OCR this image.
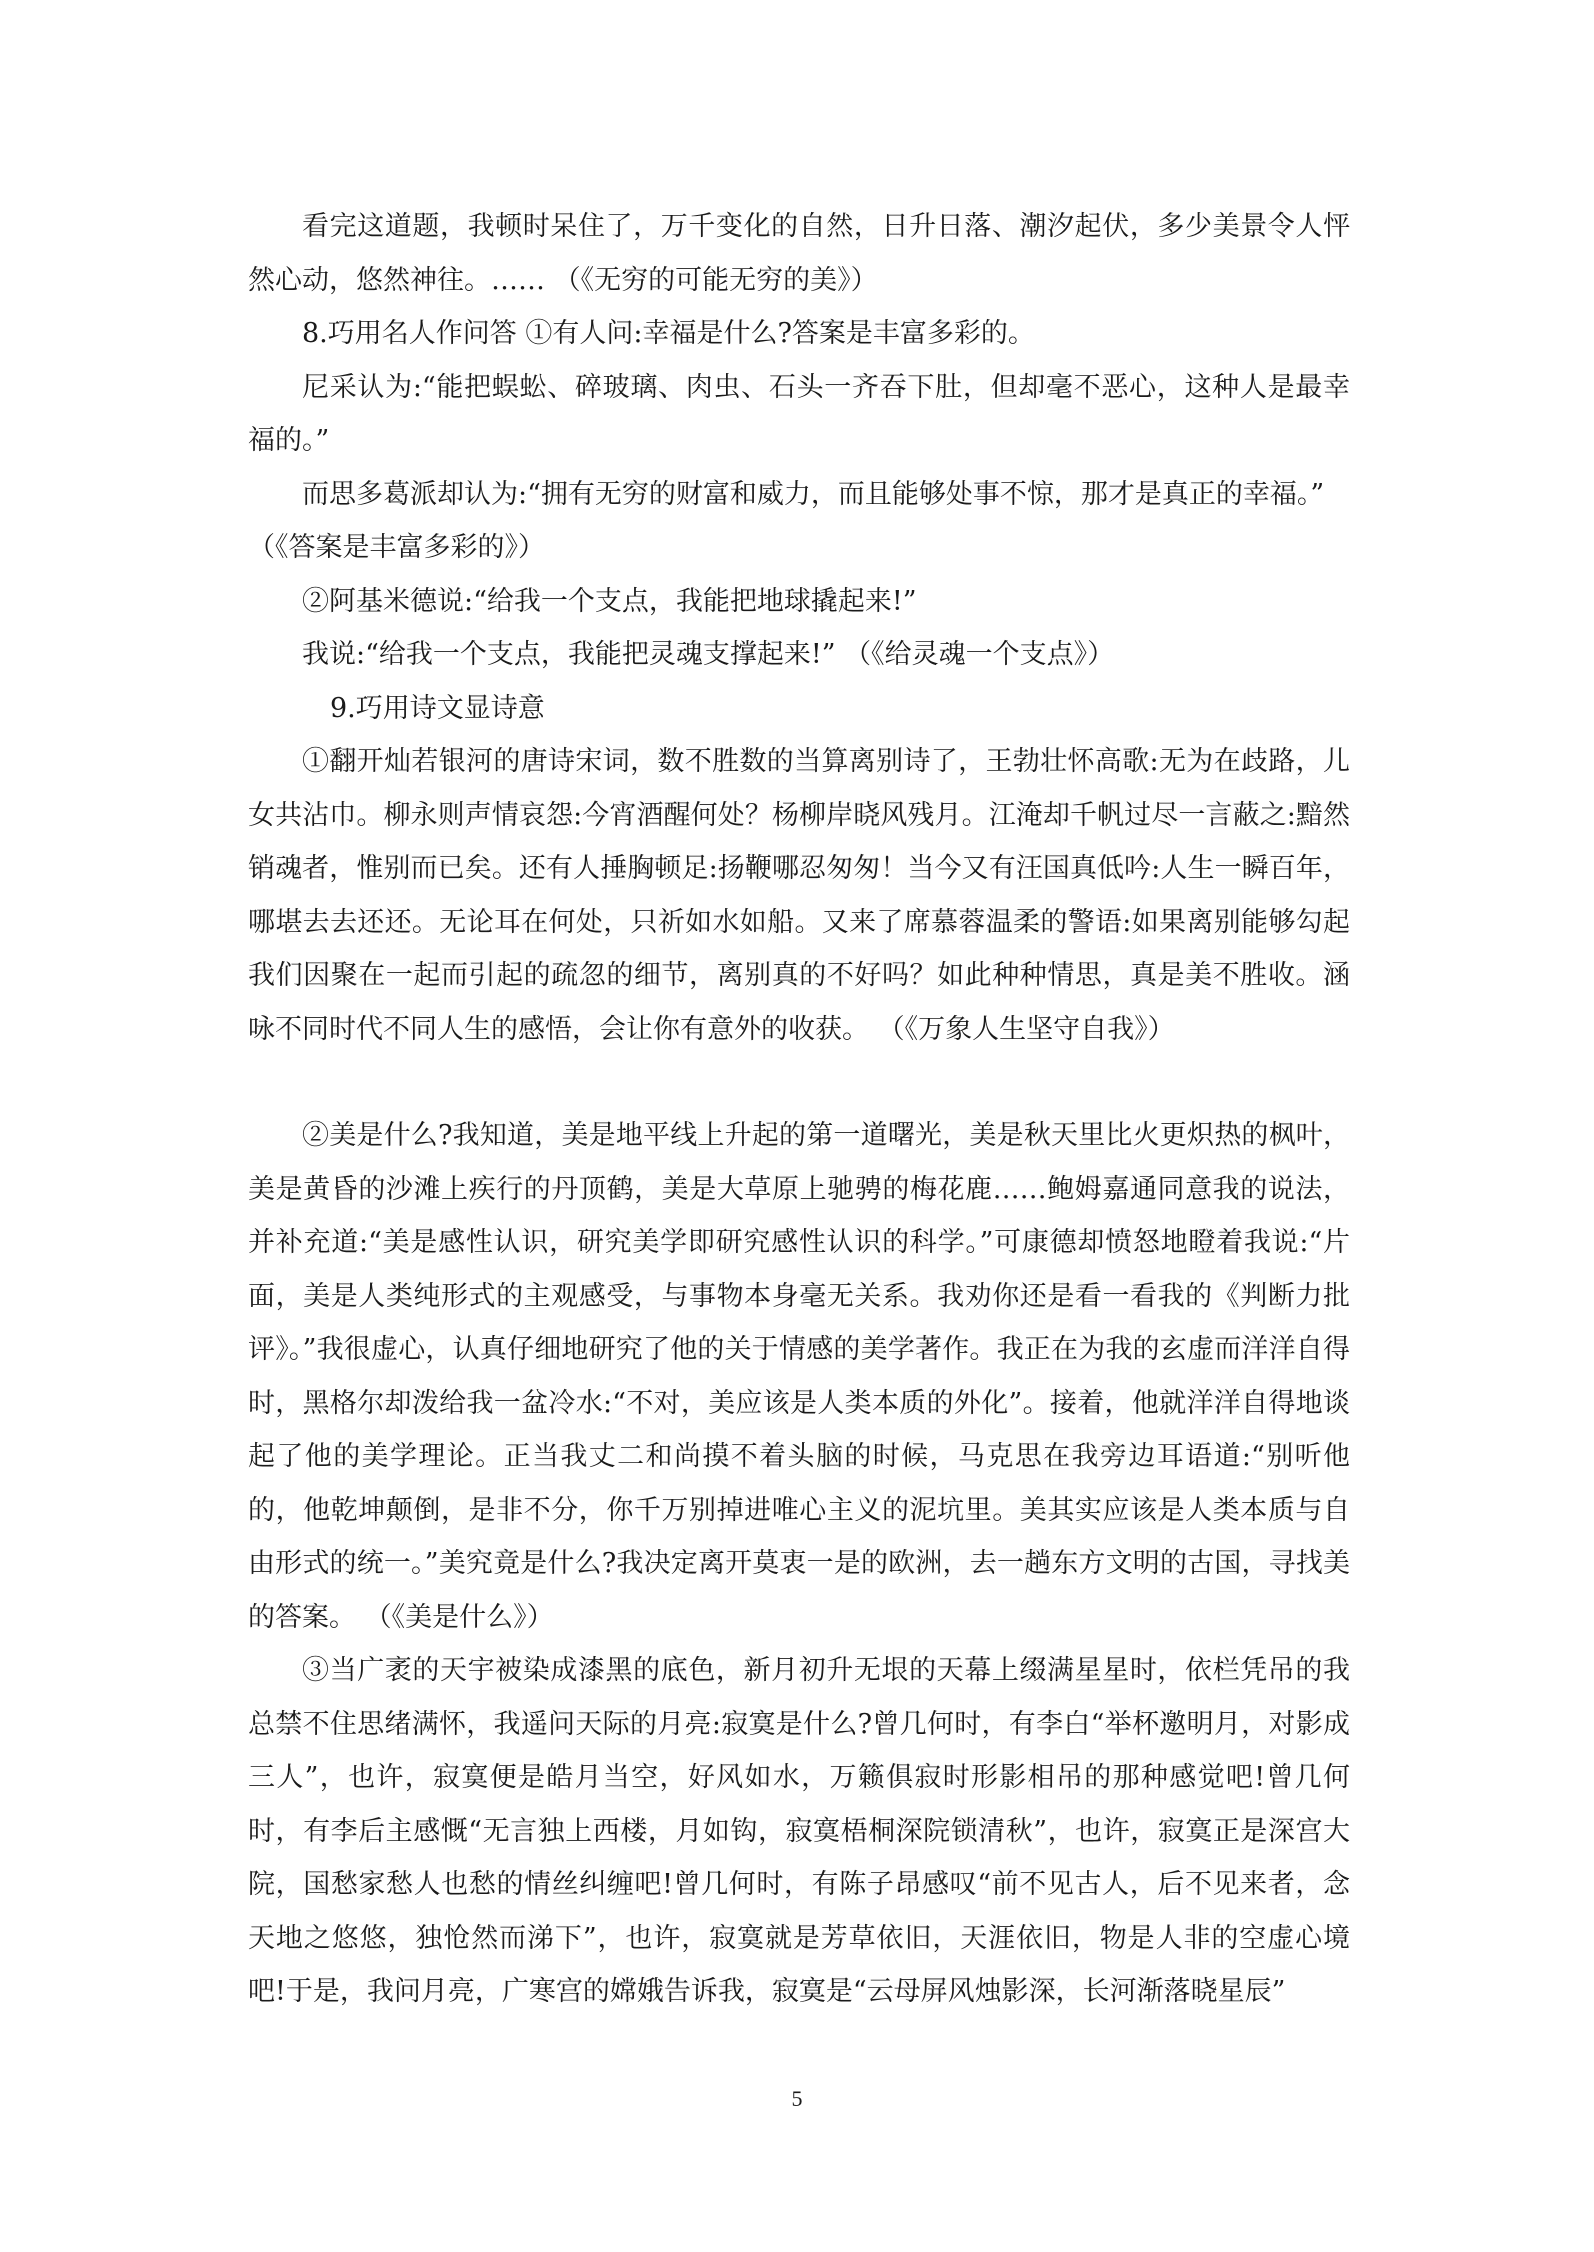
看完这道题，我顿时呆住了，万千变化的自然，日升日落、潮汐起伏，多少美景令人怦然心动，悠然神往。…… （《无穷的可能无穷的美》）

8.巧用名人作问答 ①有人问:幸福是什么?答案是丰富多彩的。

尼采认为:“能把蜈蚣、碎玻璃、肉虫、石头一齐吞下肚，但却毫不恶心，这种人是最幸福的。”

而思多葛派却认为:“拥有无穷的财富和威力，而且能够处事不惊，那才是真正的幸福。”

（《答案是丰富多彩的》）

②阿基米德说:“给我一个支点，我能把地球撬起来!”

我说:“给我一个支点，我能把灵魂支撑起来!” （《给灵魂一个支点》）

9.巧用诗文显诗意

①翻开灿若银河的唐诗宋词，数不胜数的当算离别诗了，王勃壮怀高歌:无为在歧路，儿女共沾巾。柳永则声情哀怨:今宵酒醒何处？杨柳岸晓风残月。江淹却千帆过尽一言蔽之:黯然销魂者，惟别而已矣。还有人捶胸顿足:扬鞭哪忍匆匆！当今又有汪国真低吟:人生一瞬百年，哪堪去去还还。无论耳在何处，只祈如水如船。又来了席慕蓉温柔的警语:如果离别能够勾起我们因聚在一起而引起的疏忽的细节，离别真的不好吗？如此种种情思，真是美不胜收。涵咏不同时代不同人生的感悟，会让你有意外的收获。 （《万象人生坚守自我》）

②美是什么?我知道，美是地平线上升起的第一道曙光，美是秋天里比火更炽热的枫叶，美是黄昏的沙滩上疾行的丹顶鹤，美是大草原上驰骋的梅花鹿……鲍姆嘉通同意我的说法，并补充道:“美是感性认识，研究美学即研究感性认识的科学。”可康德却愤怒地瞪着我说:“片面，美是人类纯形式的主观感受，与事物本身毫无关系。我劝你还是看一看我的《判断力批评》。”我很虚心，认真仔细地研究了他的关于情感的美学著作。我正在为我的玄虚而洋洋自得时，黑格尔却泼给我一盆冷水:“不对，美应该是人类本质的外化”。接着，他就洋洋自得地谈起了他的美学理论。正当我丈二和尚摸不着头脑的时候，马克思在我旁边耳语道:“别听他的，他乾坤颠倒，是非不分，你千万别掉进唯心主义的泥坑里。美其实应该是人类本质与自由形式的统一。”美究竟是什么?我决定离开莫衷一是的欧洲，去一趟东方文明的古国，寻找美的答案。 （《美是什么》）

③当广袤的天宇被染成漆黑的底色，新月初升无垠的天幕上缀满星星时，依栏凭吊的我总禁不住思绪满怀，我遥问天际的月亮:寂寞是什么?曾几何时，有李白“举杯邀明月，对影成三人”，也许，寂寞便是皓月当空，好风如水，万籁俱寂时形影相吊的那种感觉吧!曾几何时，有李后主感慨“无言独上西楼，月如钩，寂寞梧桐深院锁清秋”，也许，寂寞正是深宫大院，国愁家愁人也愁的情丝纠缠吧!曾几何时，有陈子昂感叹“前不见古人，后不见来者，念天地之悠悠，独怆然而涕下”，也许，寂寞就是芳草依旧，天涯依旧，物是人非的空虚心境吧!于是，我问月亮，广寒宫的嫦娥告诉我，寂寞是“云母屏风烛影深，长河渐落晓星辰”

5
